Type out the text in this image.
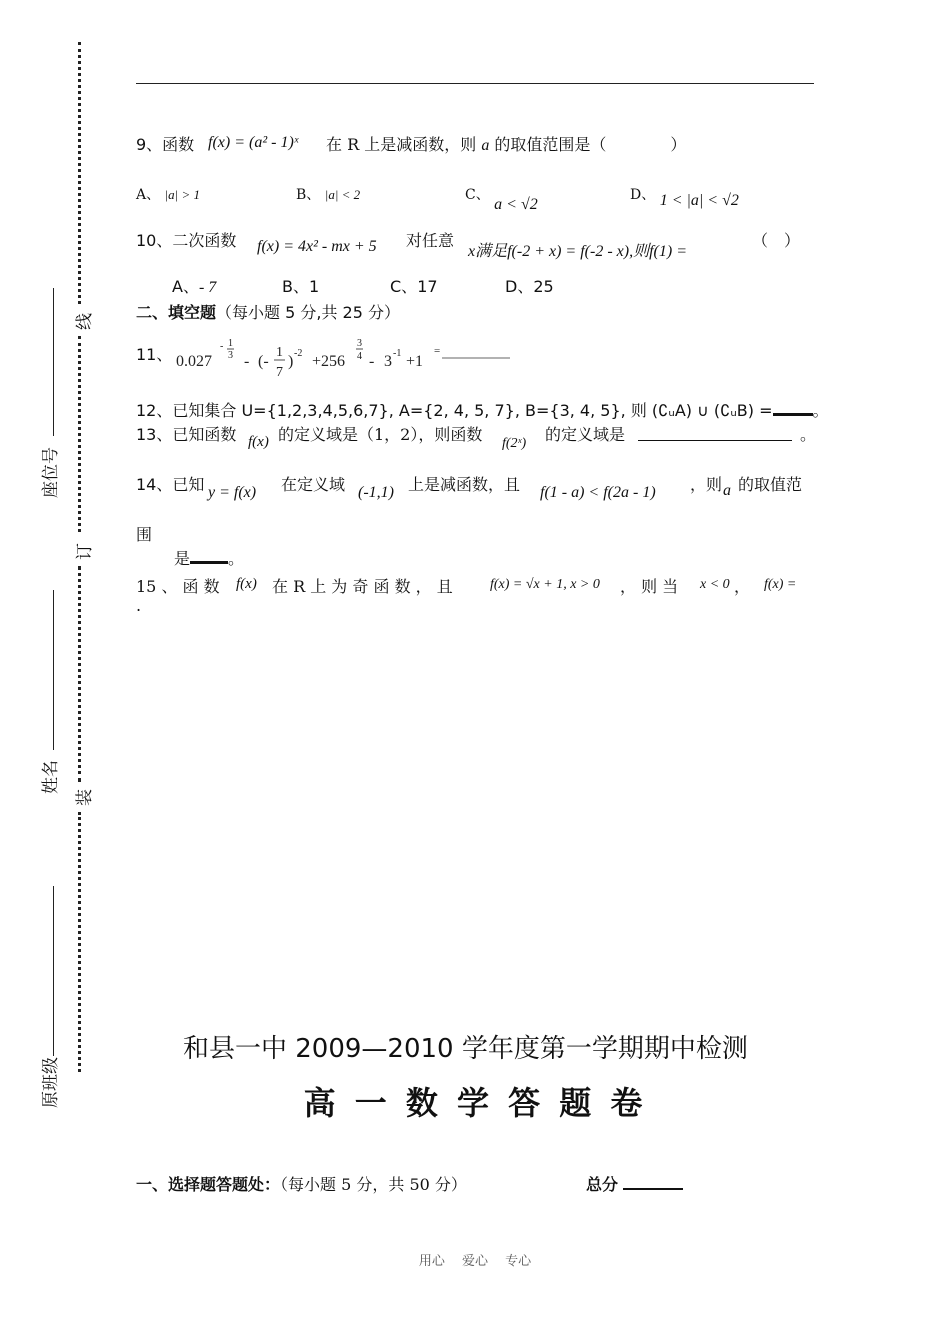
线
订
装
座位号
姓名
原班级
9、函数 f(x) = (a² - 1)ˣ 在 R 上是减函数，则 a 的取值范围是（　　　　）
A、 |a| > 1	B、 |a| < 2	C、 a < √2
D、 1 < |a| < √2
10、二次函数 f(x) = 4x² - mx + 5 对任意
x满足f(-2 + x) = f(-2 - x),则f(1) =
（　）
A、- 7	B、1	C、17	D、25
二、填空题（每小题 5 分,共 25 分）
11、 0.027
- 1
3 - (-
1
7
) -2 +256
3
4 - 3 -1 +1
=
12、已知集合 U={1,2,3,4,5,6,7}, A={2, 4, 5, 7}, B={3, 4, 5}, 则 (∁ᵤA) ∪ (∁ᵤB) =	。
13、已知函数 f(x) 的定义域是（1，2），则函数 f(2ˣ) 的定义域是	。
14、已知 y = f(x) 在定义域 (-1,1) 上是减函数，且 f(1 - a) < f(2a - 1) ，则 a 的取值范
围
是 。
15 、 函 数 f(x) 在 R 上 为 奇 函 数 ， 且	f(x) = √x + 1, x > 0 ， 则 当 x < 0 ， f(x) =
.
和县一中 2009—2010 学年度第一学期期中检测
高 一 数 学 答 题 卷
一、选择题答题处：（每小题 5 分，共 50 分）	总分
用心　 爱心　 专心
